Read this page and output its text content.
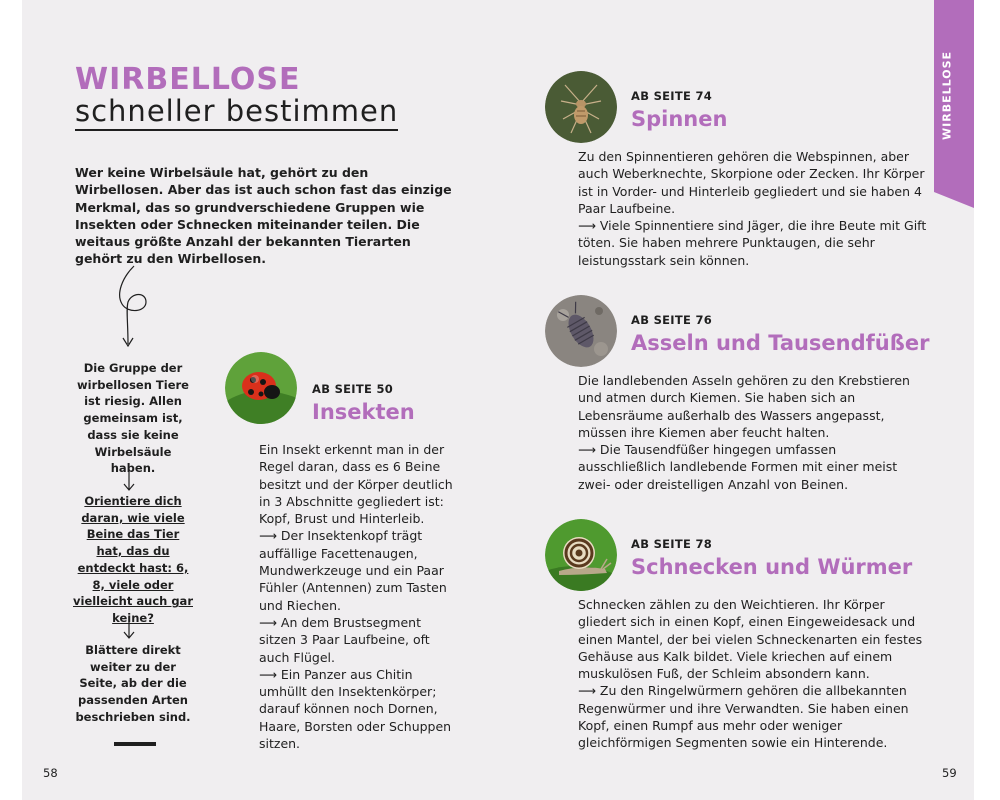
WIRBELLOSE
schneller bestimmen
Wer keine Wirbelsäule hat, gehört zu den Wirbellosen. Aber das ist auch schon fast das einzige Merkmal, das so grundverschiedene Gruppen wie Insekten oder Schnecken miteinander teilen. Die weitaus größte Anzahl der bekannten Tierarten gehört zu den Wirbellosen.
Die Gruppe der wirbellosen Tiere ist riesig. Allen gemeinsam ist, dass sie keine Wirbelsäule haben.
Orientiere dich daran, wie viele Beine das Tier hat, das du entdeckt hast: 6, 8, viele oder vielleicht auch gar keine?
Blättere direkt weiter zu der Seite, ab der die passenden Arten beschrieben sind.
AB SEITE 50
Insekten

Ein Insekt erkennt man in der Regel daran, dass es 6 Beine besitzt und der Körper deutlich in 3 Abschnitte gegliedert ist: Kopf, Brust und Hinterleib.

⟶ Der Insektenkopf trägt auffällige Facettenaugen, Mundwerkzeuge und ein Paar Fühler (Antennen) zum Tasten und Riechen.

⟶ An dem Brustsegment sitzen 3 Paar Laufbeine, oft auch Flügel.

⟶ Ein Panzer aus Chitin umhüllt den Insektenkörper; darauf können noch Dornen, Haare, Borsten oder Schuppen sitzen.

AB SEITE 74
Spinnen

Zu den Spinnentieren gehören die Webspinnen, aber auch Weberknechte, Skorpione oder Zecken. Ihr Körper ist in Vorder- und Hinterleib gegliedert und sie haben 4 Paar Laufbeine.

⟶ Viele Spinnentiere sind Jäger, die ihre Beute mit Gift töten. Sie haben mehrere Punktaugen, die sehr leistungsstark sein können.

AB SEITE 76
Asseln und Tausendfüßer

Die landlebenden Asseln gehören zu den Krebstieren und atmen durch Kiemen. Sie haben sich an Lebensräume außerhalb des Wassers angepasst, müssen ihre Kiemen aber feucht halten.

⟶ Die Tausendfüßer hingegen umfassen ausschließlich landlebende Formen mit einer meist zwei- oder dreistelligen Anzahl von Beinen.

AB SEITE 78
Schnecken und Würmer

Schnecken zählen zu den Weichtieren. Ihr Körper gliedert sich in einen Kopf, einen Eingeweidesack und einen Mantel, der bei vielen Schneckenarten ein festes Gehäuse aus Kalk bildet. Viele kriechen auf einem muskulösen Fuß, der Schleim absondern kann.

⟶ Zu den Ringelwürmern gehören die allbekannten Regenwürmer und ihre Verwandten. Sie haben einen Kopf, einen Rumpf aus mehr oder weniger gleichförmigen Segmenten sowie ein Hinterende.

WIRBELLOSE
58	59
